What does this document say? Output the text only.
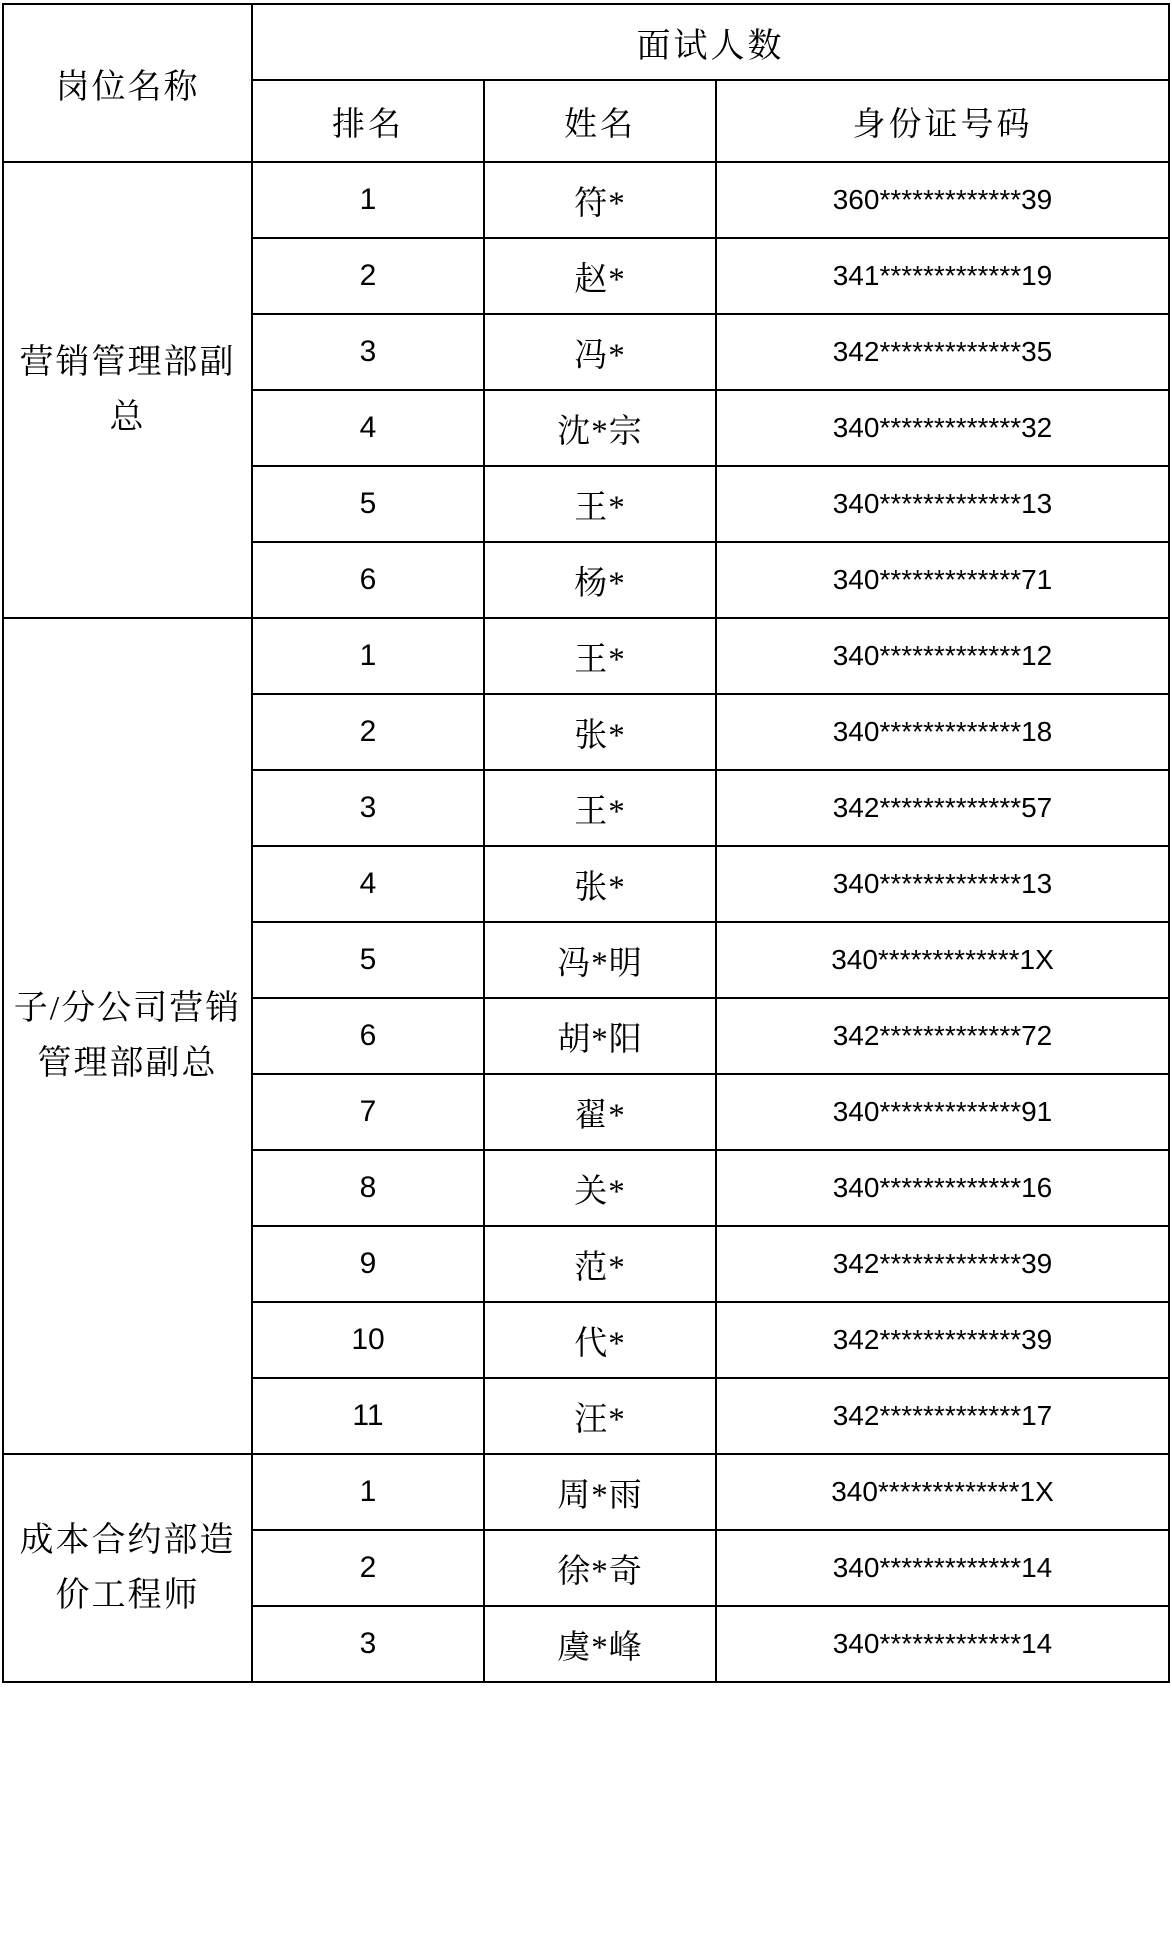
岗位名称	面试人数		
	排名	姓名	身份证号码
营销管理部副总	1	符*	360*************39
	2	赵*	341*************19
	3	冯*	342*************35
	4	沈*宗	340*************32
	5	王*	340*************13
	6	杨*	340*************71
子/分公司营销管理部副总	1	王*	340*************12
	2	张*	340*************18
	3	王*	342*************57
	4	张*	340*************13
	5	冯*明	340*************1X
	6	胡*阳	342*************72
	7	翟*	340*************91
	8	关*	340*************16
	9	范*	342*************39
	10	代*	342*************39
	11	汪*	342*************17
成本合约部造价工程师	1	周*雨	340*************1X
	2	徐*奇	340*************14
	3	虞*峰	340*************14
